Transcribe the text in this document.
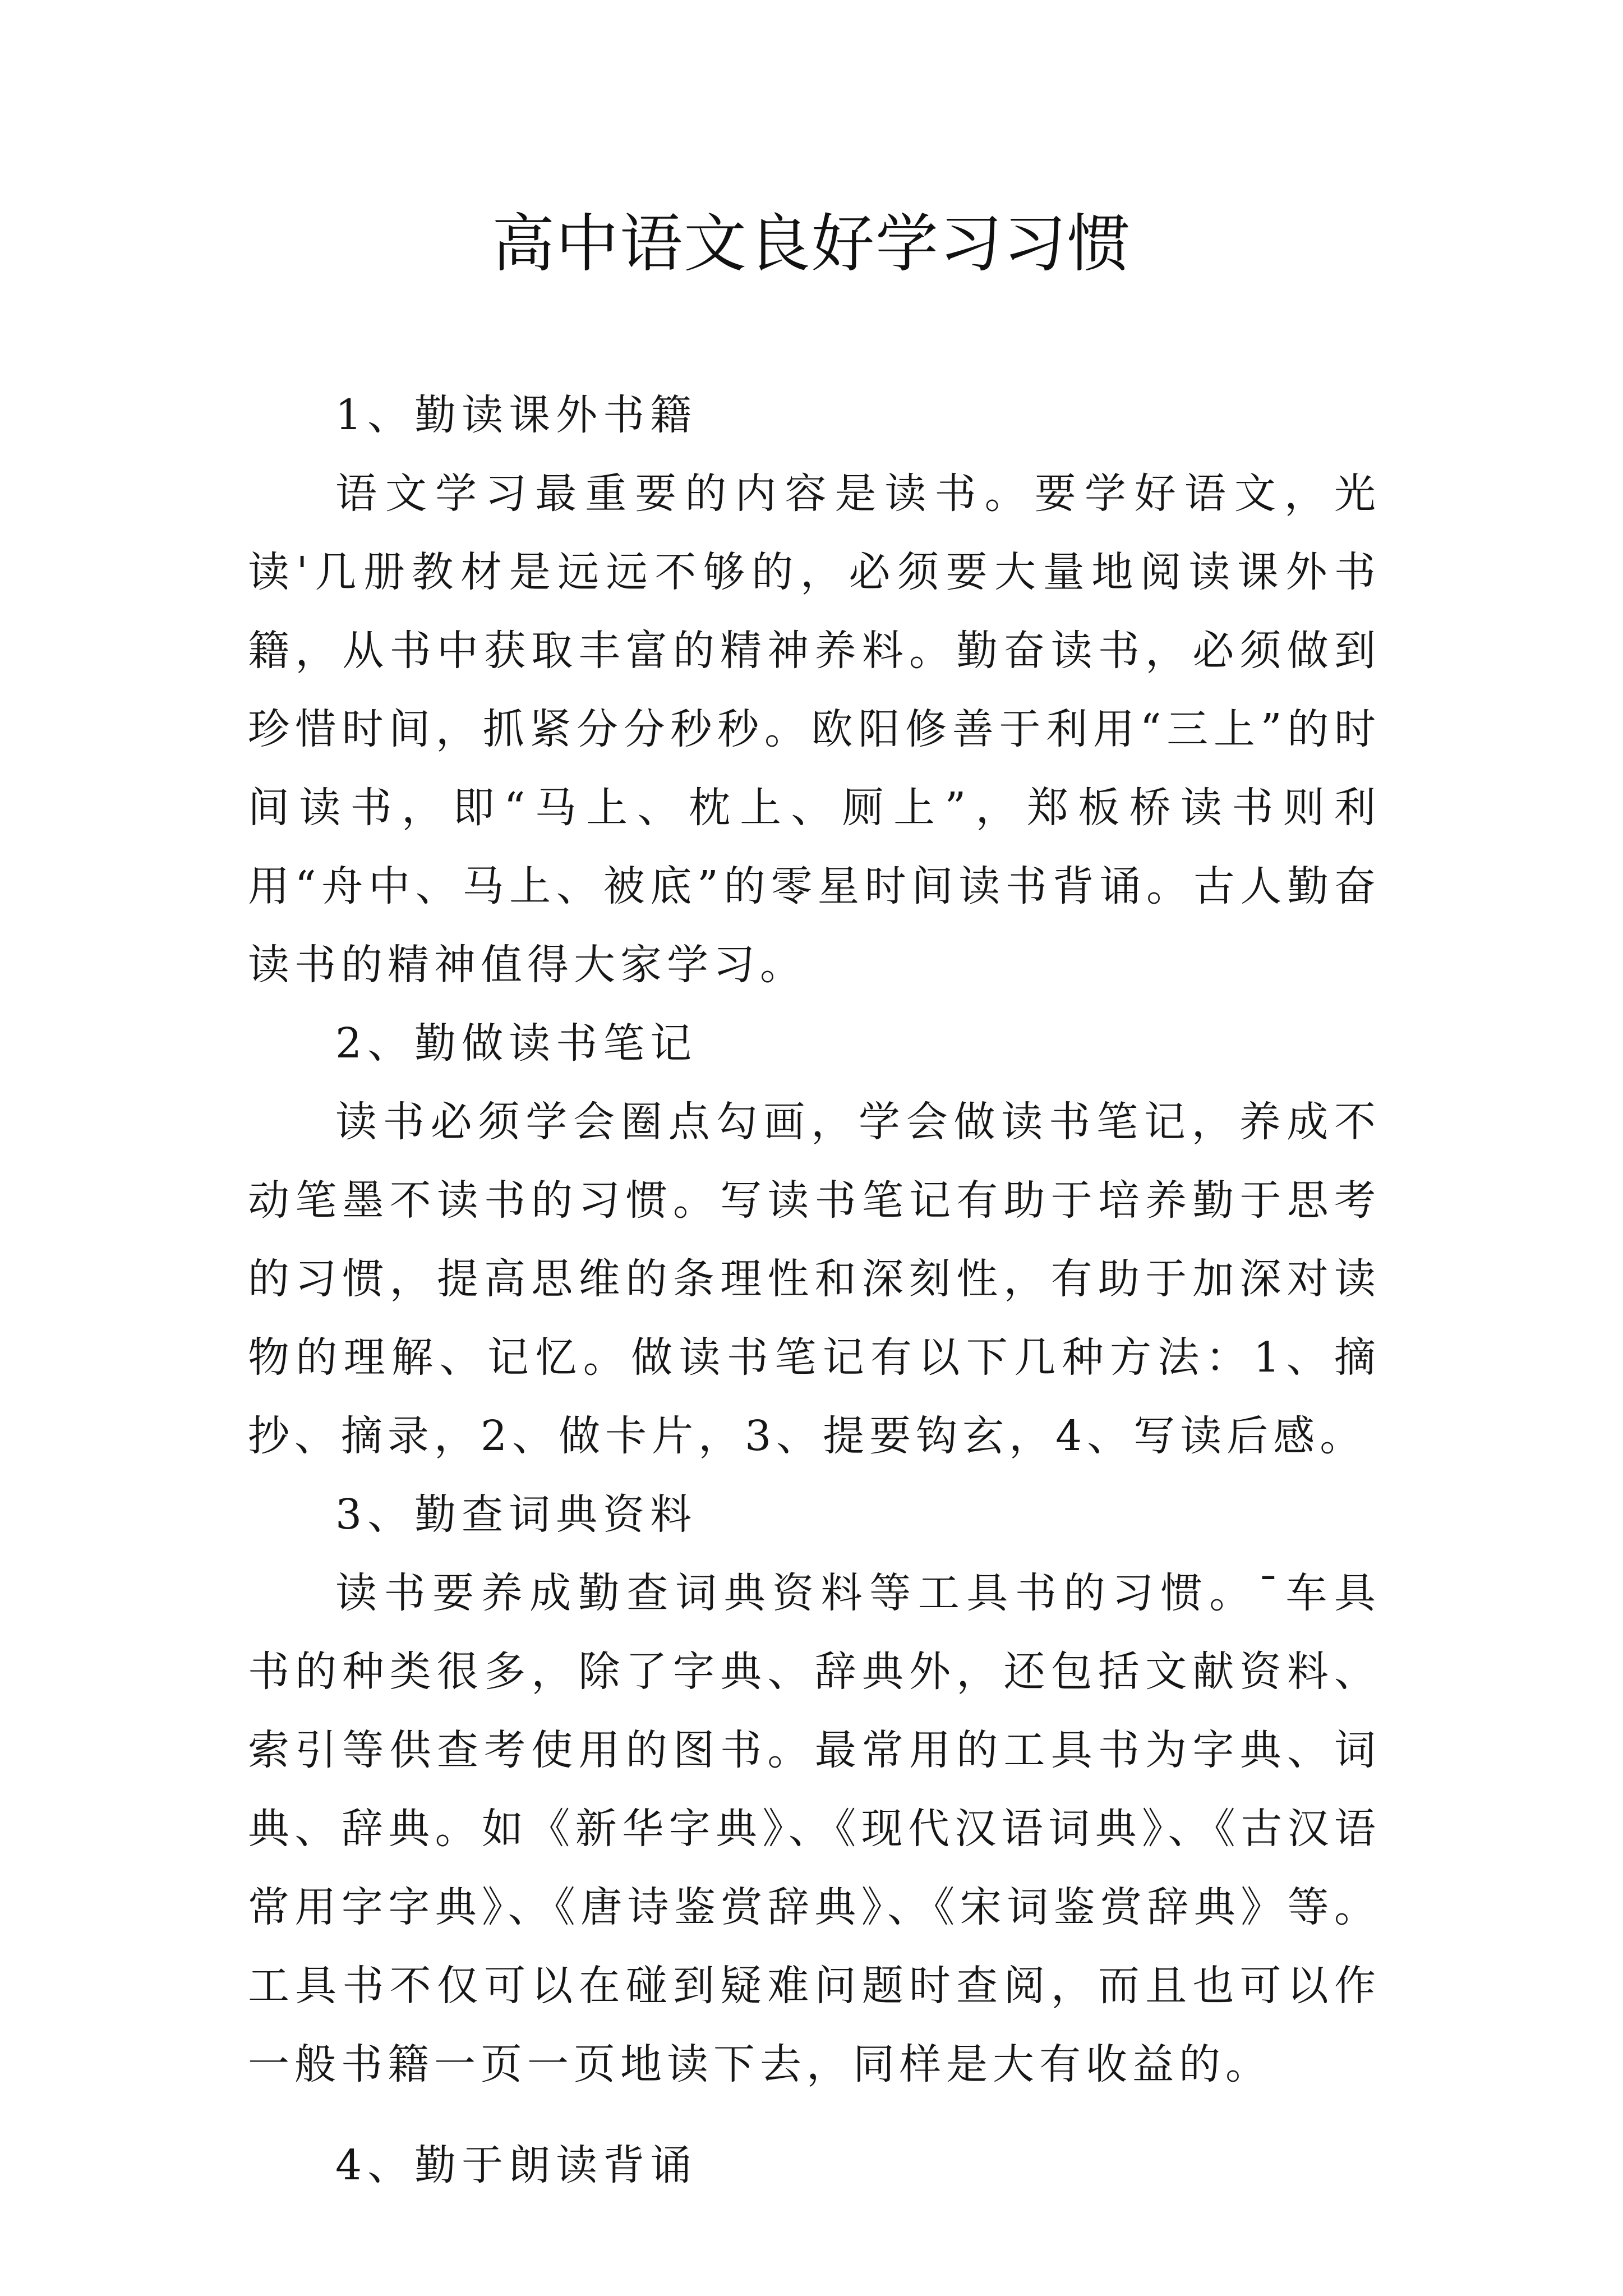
高中语文良好学习习惯

1、勤读课外书籍

语文学习最重要的内容是读书。要学好语文，光读'几册教材是远远不够的，必须要大量地阅读课外书籍，从书中获取丰富的精神养料。勤奋读书，必须做到珍惜时间，抓紧分分秒秒。欧阳修善于利用“三上”的时间读书，即“马上、枕上、厕上”，郑板桥读书则利用“舟中、马上、被底”的零星时间读书背诵。古人勤奋读书的精神值得大家学习。

2、勤做读书笔记

读书必须学会圈点勾画，学会做读书笔记，养成不动笔墨不读书的习惯。写读书笔记有助于培养勤于思考的习惯，提高思维的条理性和深刻性，有助于加深对读物的理解、记忆。做读书笔记有以下几种方法：1、摘抄、摘录，2、做卡片，3、提要钩玄，4、写读后感。

3、勤查词典资料

读书要养成勤查词典资料等工具书的习惯。¯车具书的种类很多，除了字典、辞典外，还包括文献资料、索引等供查考使用的图书。最常用的工具书为字典、词典、辞典。如《新华字典》、《现代汉语词典》、《古汉语常用字字典》、《唐诗鉴赏辞典》、《宋词鉴赏辞典》等。工具书不仅可以在碰到疑难问题时查阅，而且也可以作一般书籍一页一页地读下去，同样是大有收益的。

4、勤于朗读背诵
